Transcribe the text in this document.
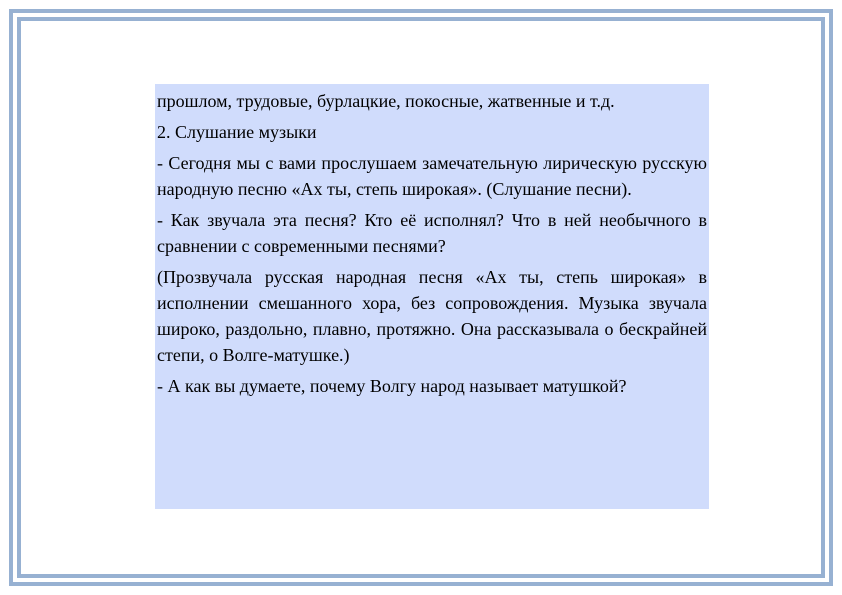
прошлом, трудовые, бурлацкие, покосные, жатвенные и т.д.

2. Слушание музыки

- Сегодня мы с вами прослушаем замечательную лирическую русскую народную песню «Ах ты, степь широкая». (Слушание песни).

- Как звучала эта песня? Кто её исполнял? Что в ней необычного в сравнении с современными песнями?

(Прозвучала русская народная песня «Ах ты, степь широкая» в исполнении смешанного хора, без сопровождения. Музыка звучала широко, раздольно, плавно, протяжно. Она рассказывала о бескрайней степи, о Волге-матушке.)

- А как вы думаете, почему Волгу народ называет матушкой?
